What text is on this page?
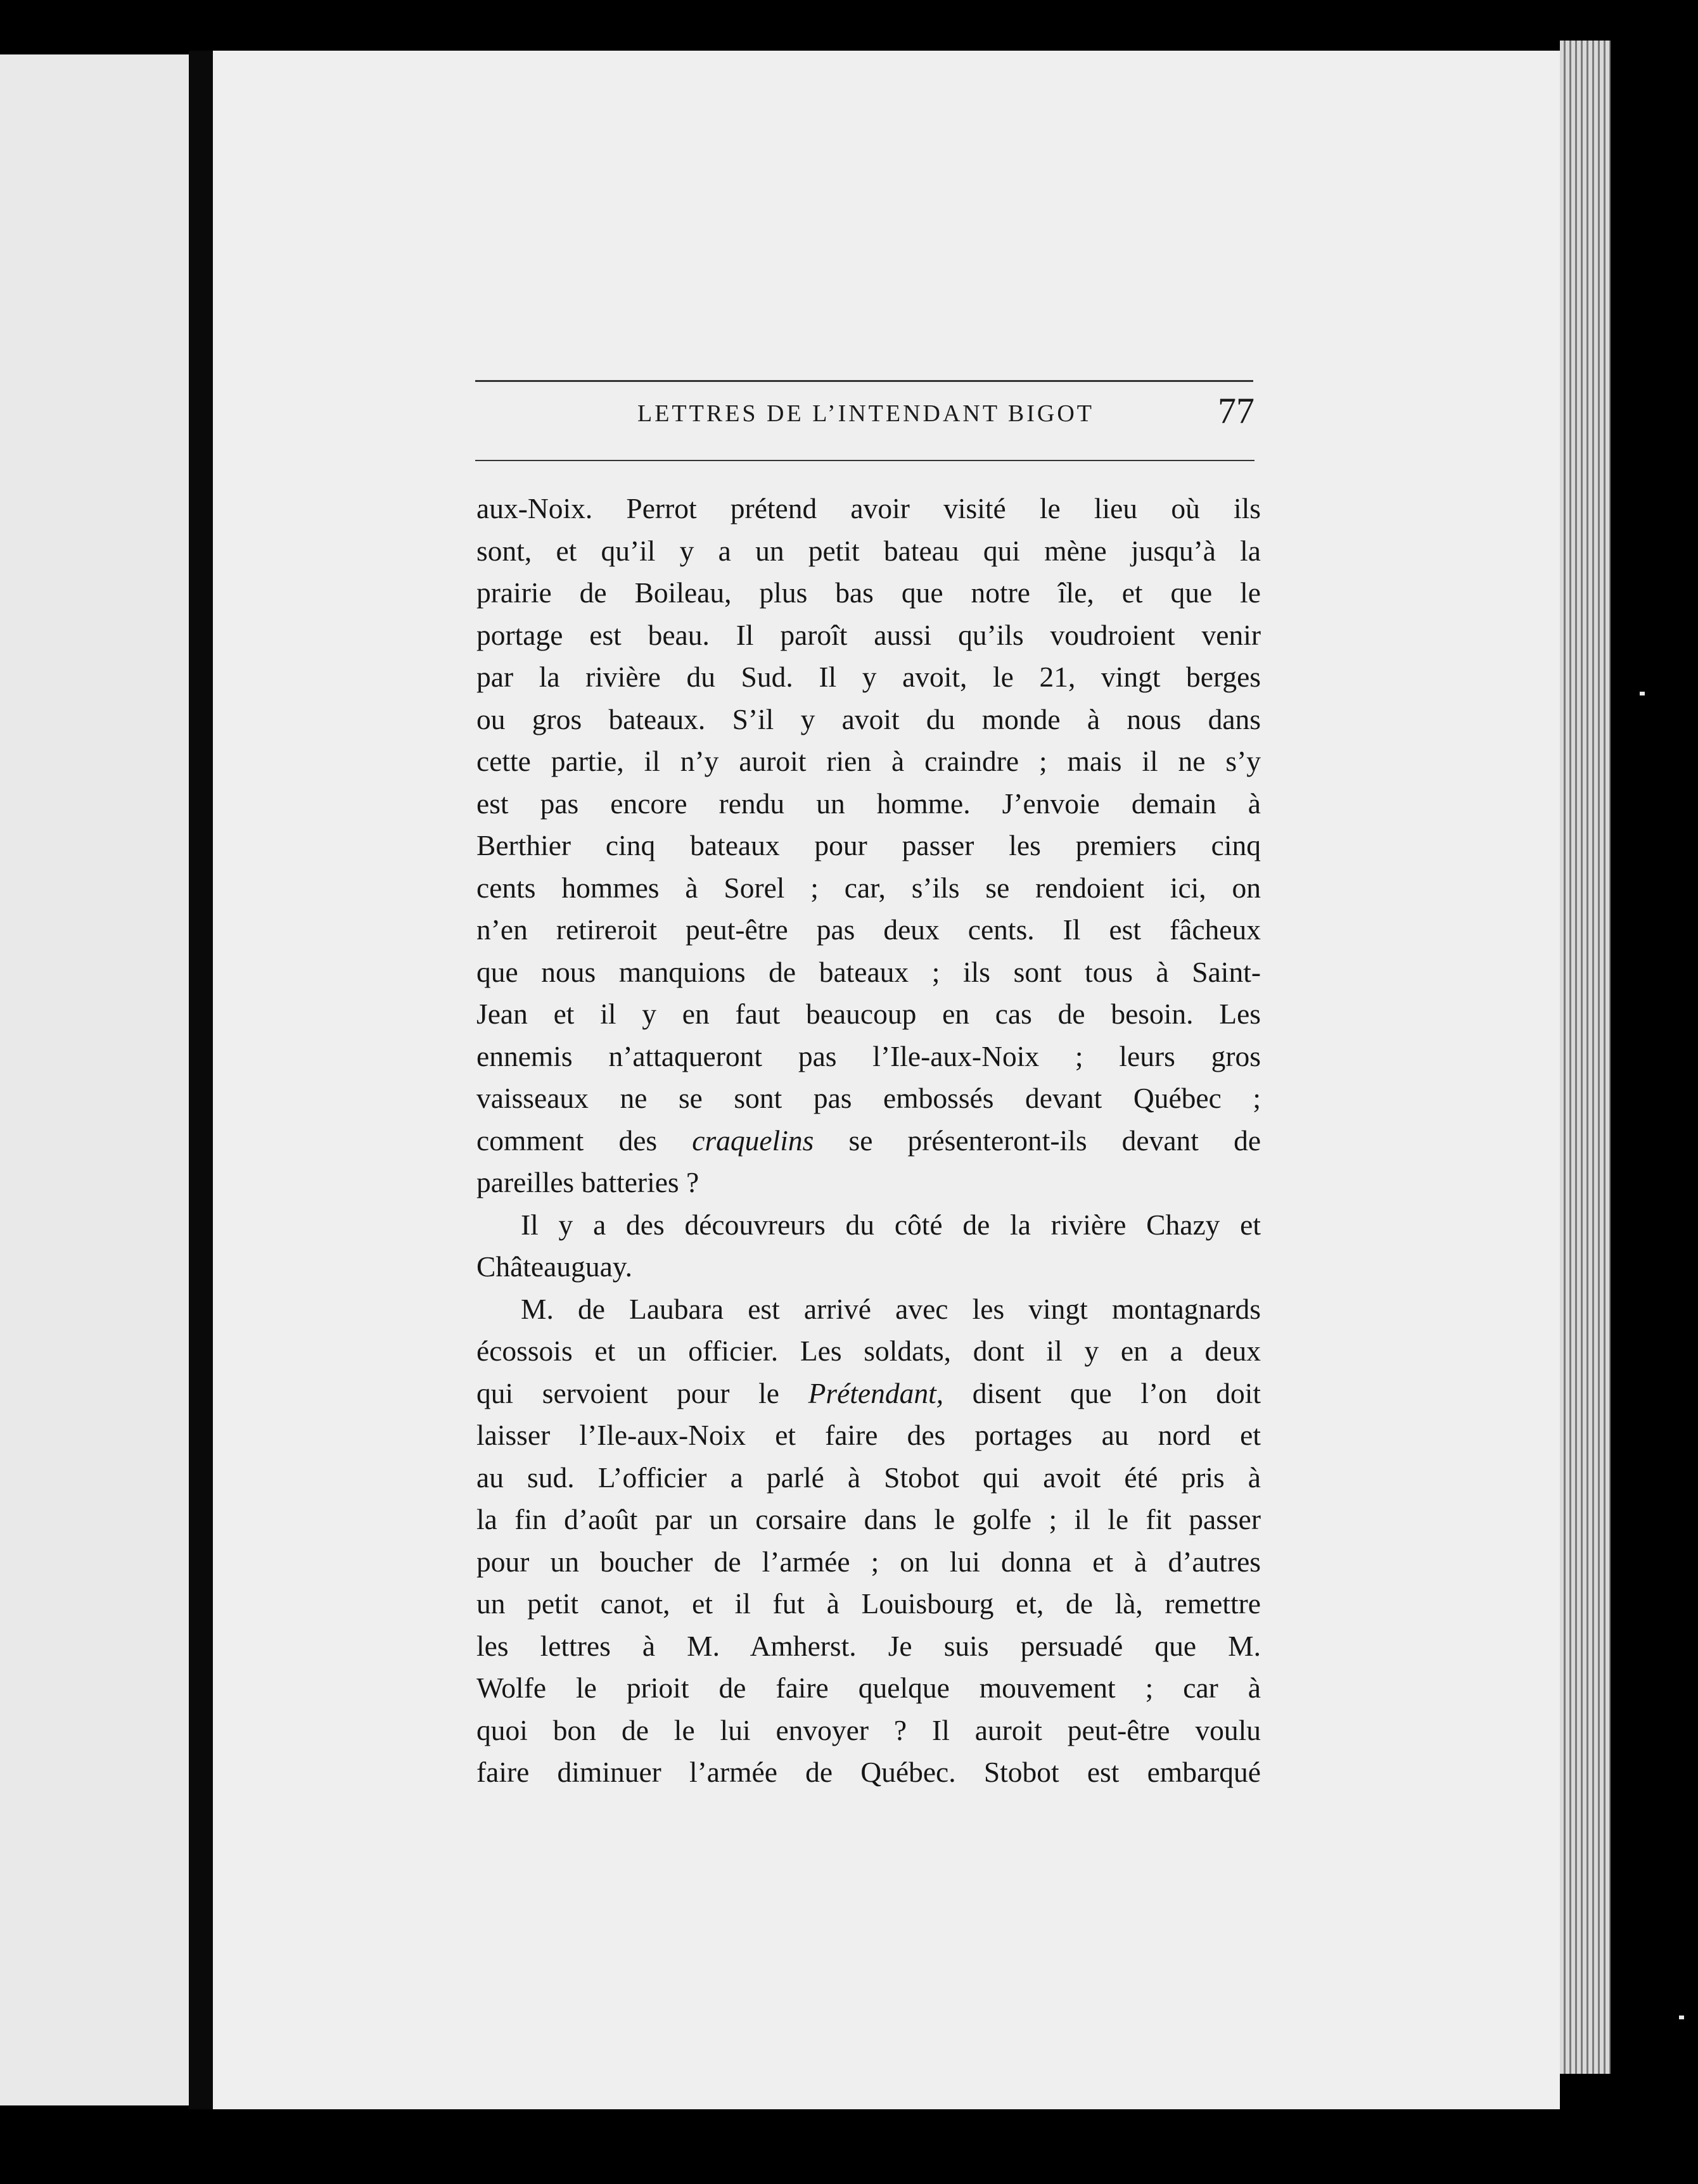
LETTRES DE L’INTENDANT BIGOT	77
aux-Noix. Perrot prétend avoir visité le lieu où ils
sont, et qu’il y a un petit bateau qui mène jusqu’à la
prairie de Boileau, plus bas que notre île, et que le
portage est beau. Il paroît aussi qu’ils voudroient venir
par la rivière du Sud. Il y avoit, le 21, vingt berges
ou gros bateaux. S’il y avoit du monde à nous dans
cette partie, il n’y auroit rien à craindre ; mais il ne s’y
est pas encore rendu un homme. J’envoie demain à
Berthier cinq bateaux pour passer les premiers cinq
cents hommes à Sorel ; car, s’ils se rendoient ici, on
n’en retireroit peut-être pas deux cents. Il est fâcheux
que nous manquions de bateaux ; ils sont tous à Saint-
Jean et il y en faut beaucoup en cas de besoin. Les
ennemis n’attaqueront pas l’Ile-aux-Noix ; leurs gros
vaisseaux ne se sont pas embossés devant Québec ;
comment des craquelins se présenteront-ils devant de
pareilles batteries ?
Il y a des découvreurs du côté de la rivière Chazy et
Châteauguay.
M. de Laubara est arrivé avec les vingt montagnards
écossois et un officier. Les soldats, dont il y en a deux
qui servoient pour le Prétendant, disent que l’on doit
laisser l’Ile-aux-Noix et faire des portages au nord et
au sud. L’officier a parlé à Stobot qui avoit été pris à
la fin d’août par un corsaire dans le golfe ; il le fit passer
pour un boucher de l’armée ; on lui donna et à d’autres
un petit canot, et il fut à Louisbourg et, de là, remettre
les lettres à M. Amherst. Je suis persuadé que M.
Wolfe le prioit de faire quelque mouvement ; car à
quoi bon de le lui envoyer ? Il auroit peut-être voulu
faire diminuer l’armée de Québec. Stobot est embarqué
